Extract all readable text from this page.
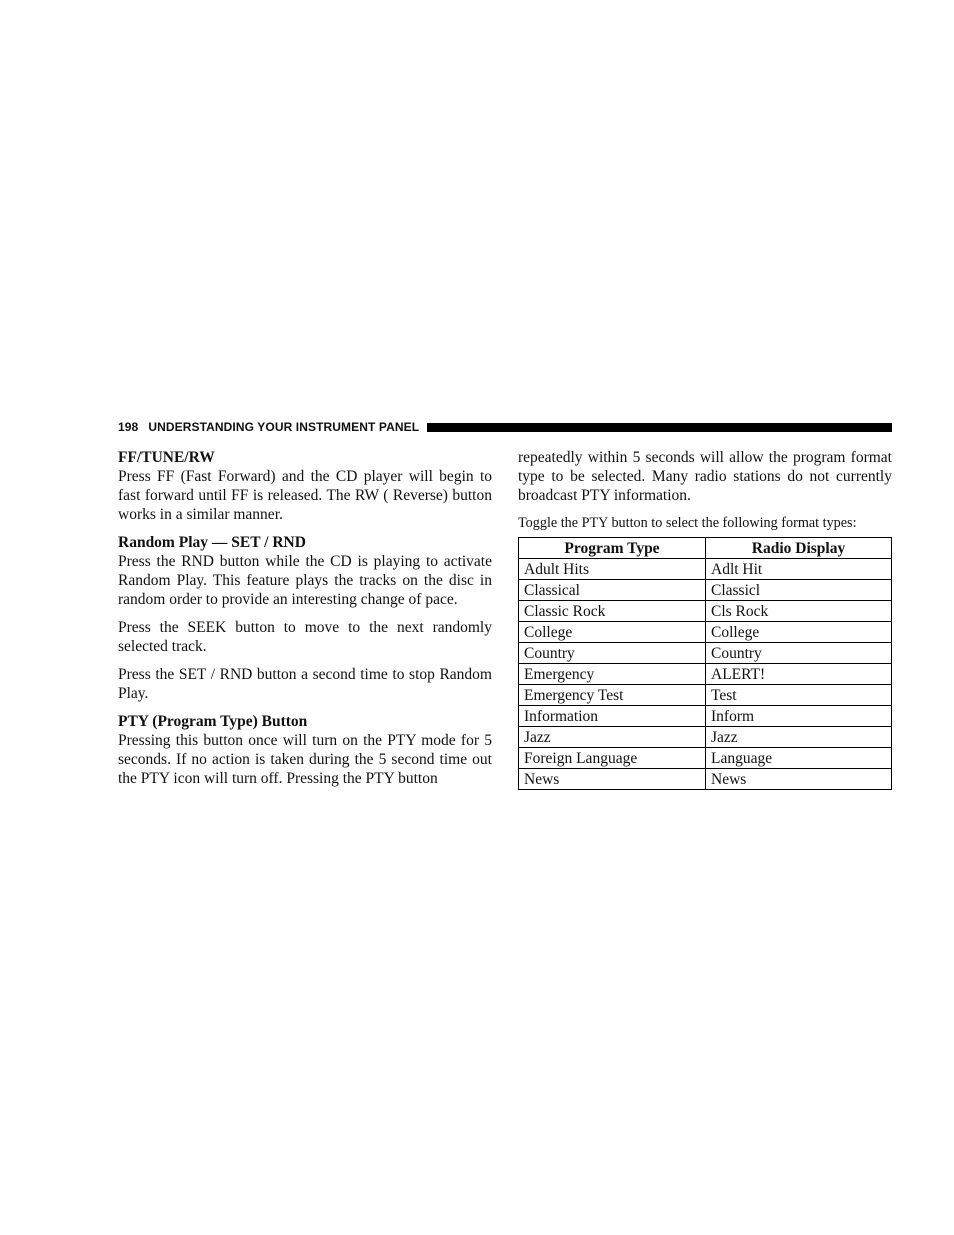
198 UNDERSTANDING YOUR INSTRUMENT PANEL

FF/TUNE/RW

Press FF (Fast Forward) and the CD player will begin to fast forward until FF is released. The RW ( Reverse) button works in a similar manner.

Random Play — SET / RND

Press the RND button while the CD is playing to activate Random Play. This feature plays the tracks on the disc in random order to provide an interesting change of pace.

Press the SEEK button to move to the next randomly selected track.

Press the SET / RND button a second time to stop Random Play.

PTY (Program Type) Button

Pressing this button once will turn on the PTY mode for 5 seconds. If no action is taken during the 5 second time out the PTY icon will turn off. Pressing the PTY button

repeatedly within 5 seconds will allow the program format type to be selected. Many radio stations do not currently broadcast PTY information.

Toggle the PTY button to select the following format types:

Program Type	Radio Display
Adult Hits	Adlt Hit
Classical	Classicl
Classic Rock	Cls Rock
College	College
Country	Country
Emergency	ALERT!
Emergency Test	Test
Information	Inform
Jazz	Jazz
Foreign Language	Language
News	News
